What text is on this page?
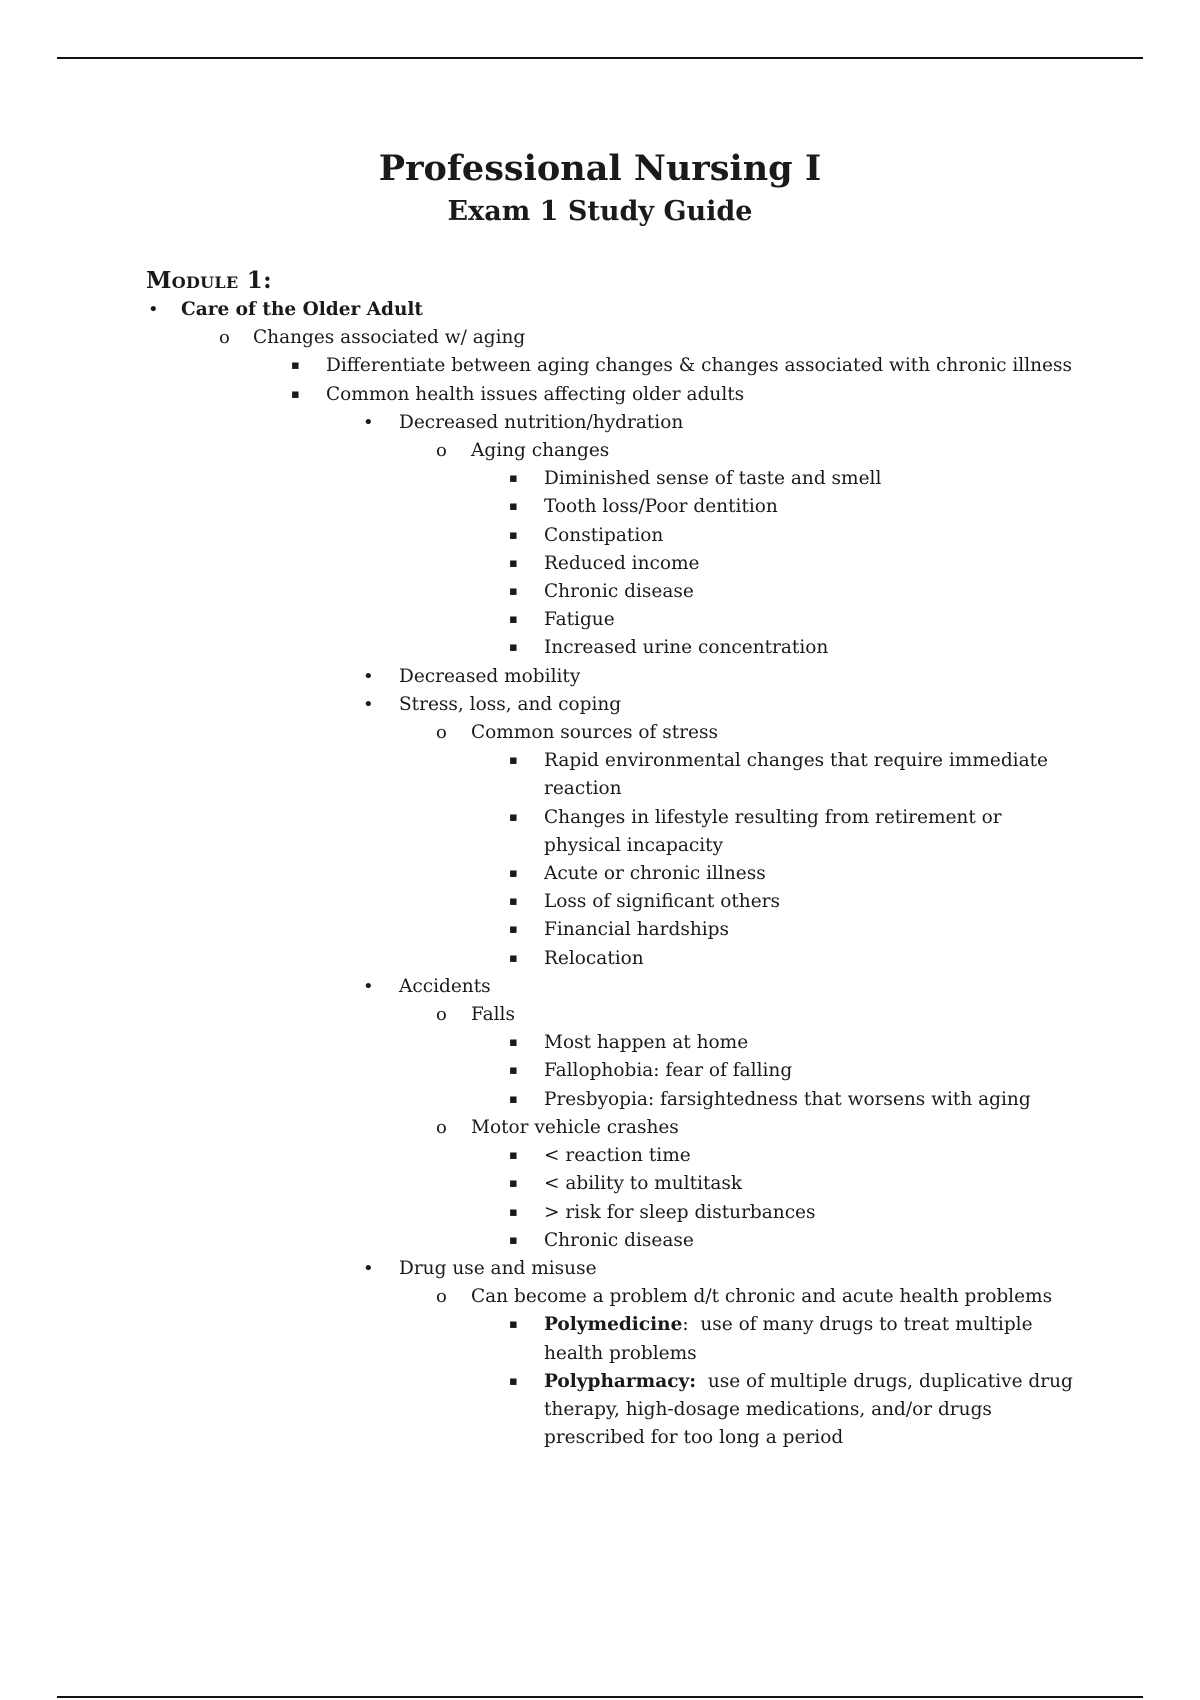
Professional Nursing I
Exam 1 Study Guide
Module 1:
• Care of the Older Adult
o Changes associated w/ aging
▪ Differentiate between aging changes & changes associated with chronic illness
▪ Common health issues affecting older adults
• Decreased nutrition/hydration
o Aging changes
▪ Diminished sense of taste and smell
▪ Tooth loss/Poor dentition
▪ Constipation
▪ Reduced income
▪ Chronic disease
▪ Fatigue
▪ Increased urine concentration
• Decreased mobility
• Stress, loss, and coping
o Common sources of stress
▪ Rapid environmental changes that require immediate reaction
▪ Changes in lifestyle resulting from retirement or physical incapacity
▪ Acute or chronic illness
▪ Loss of significant others
▪ Financial hardships
▪ Relocation
• Accidents
o Falls
▪ Most happen at home
▪ Fallophobia: fear of falling
▪ Presbyopia: farsightedness that worsens with aging
o Motor vehicle crashes
▪ < reaction time
▪ < ability to multitask
▪ > risk for sleep disturbances
▪ Chronic disease
• Drug use and misuse
o Can become a problem d/t chronic and acute health problems
▪ Polymedicine:  use of many drugs to treat multiple health problems
▪ Polypharmacy:  use of multiple drugs, duplicative drug therapy, high-dosage medications, and/or drugs prescribed for too long a period
